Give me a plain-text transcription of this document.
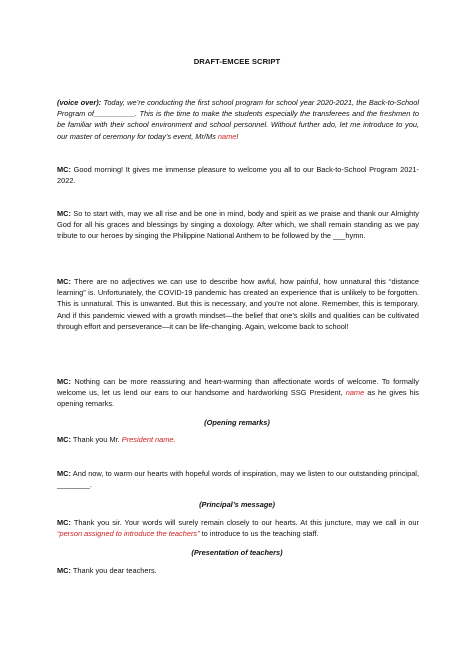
DRAFT-EMCEE SCRIPT
(voice over): Today, we’re conducting the first school program for school year 2020-2021, the Back-to-School Program of__________. This is the time to make the students especially the transferees and the freshmen to be familiar with their school environment and school personnel. Without further ado, let me introduce to you, our master of ceremony for today’s event, Mr/Ms name!
MC: Good morning! It gives me immense pleasure to welcome you all to our Back-to-School Program 2021-2022.
MC: So to start with, may we all rise and be one in mind, body and spirit as we praise and thank our Almighty God for all his graces and blessings by singing a doxology. After which, we shall remain standing as we pay tribute to our heroes by singing the Philippine National Anthem to be followed by the ___hymn.
MC: There are no adjectives we can use to describe how awful, how painful, how unnatural this “distance learning” is. Unfortunately, the COVID-19 pandemic has created an experience that is unlikely to be forgotten. This is unnatural. This is unwanted. But this is necessary, and you’re not alone. Remember, this is temporary. And if this pandemic viewed with a growth mindset—the belief that one’s skills and qualities can be cultivated through effort and perseverance—it can be life-changing. Again, welcome back to school!
MC: Nothing can be more reassuring and heart-warming than affectionate words of welcome. To formally welcome us, let us lend our ears to our handsome and hardworking SSG President, name as he gives his opening remarks.
(Opening remarks)
MC: Thank you Mr. President name.
MC: And now, to warm our hearts with hopeful words of inspiration, may we listen to our outstanding principal, ________.
(Principal’s message)
MC: Thank you sir. Your words will surely remain closely to our hearts. At this juncture, may we call in our “person assigned to introduce the teachers” to introduce to us the teaching staff.
(Presentation of teachers)
MC: Thank you dear teachers.
